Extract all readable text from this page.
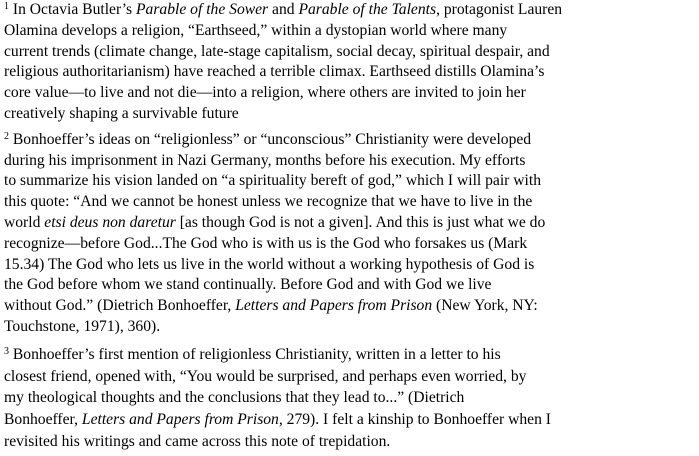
$^1$ In Octavia Butler’s Parable of the Sower and Parable of the Talents, protagonist Lauren
Olamina develops a religion, “Earthseed,” within a dystopian world where many
current trends (climate change, late-stage capitalism, social decay, spiritual despair, and
religious authoritarianism) have reached a terrible climax. Earthseed distills Olamina’s
core value—to live and not die—into a religion, where others are invited to join her
creatively shaping a survivable future

$^2$ Bonhoeffer’s ideas on “religionless” or “unconscious” Christianity were developed
during his imprisonment in Nazi Germany, months before his execution. My efforts
to summarize his vision landed on “a spirituality bereft of god,” which I will pair with
this quote: “And we cannot be honest unless we recognize that we have to live in the
world etsi deus non daretur [as though God is not a given]. And this is just what we do
recognize—before God...The God who is with us is the God who forsakes us (Mark
15.34) The God who lets us live in the world without a working hypothesis of God is
the God before whom we stand continually. Before God and with God we live
without God.” (Dietrich Bonhoeffer, Letters and Papers from Prison (New York, NY:
Touchstone, 1971), 360).

$^3$ Bonhoeffer’s first mention of religionless Christianity, written in a letter to his
closest friend, opened with, “You would be surprised, and perhaps even worried, by
my theological thoughts and the conclusions that they lead to...” (Dietrich
Bonhoeffer, Letters and Papers from Prison, 279). I felt a kinship to Bonhoeffer when I
revisited his writings and came across this note of trepidation.
